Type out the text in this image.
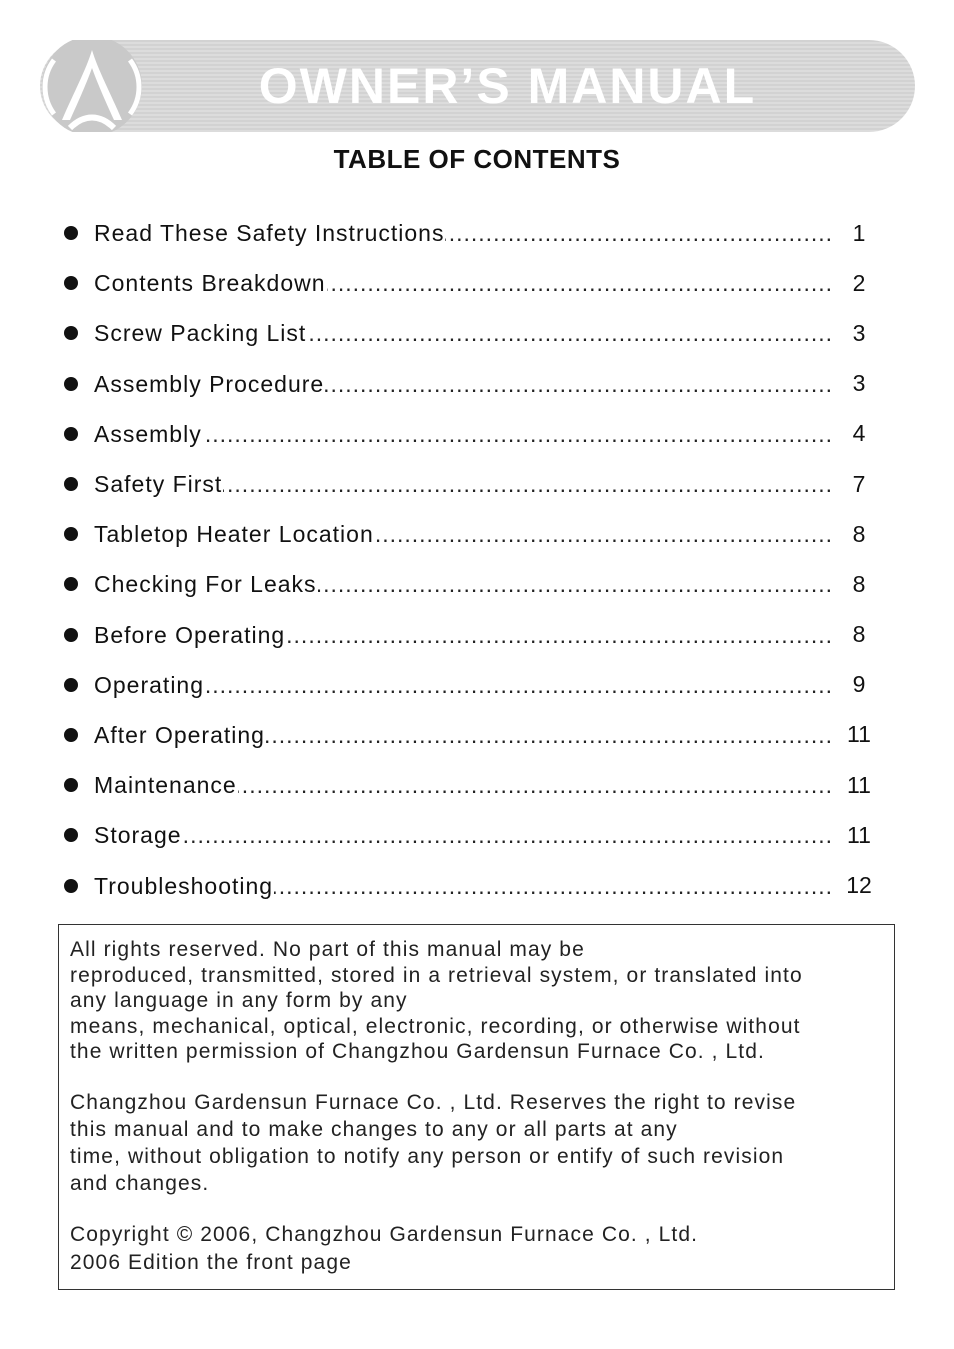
OWNER’S MANUAL
TABLE OF CONTENTS
Read These Safety Instructions .....	1
Contents Breakdown .....	2
Screw Packing List .....	3
Assembly Procedure .....	3
Assembly .....	4
Safety First .....	7
Tabletop Heater Location .....	8
Checking For Leaks .....	8
Before Operating .....	8
Operating .....	9
After Operating .....	11
Maintenance .....	11
Storage .....	11
Troubleshooting .....	12

All rights reserved. No part of this manual may be
reproduced, transmitted, stored in a retrieval system, or translated into
any language in any form by any
means, mechanical, optical, electronic, recording, or otherwise without
the written permission of Changzhou Gardensun Furnace Co. , Ltd.

Changzhou Gardensun Furnace Co. , Ltd. Reserves the right to revise
this manual and to make changes to any or all parts at any
time, without obligation to notify any person or entify of such revision
and changes.

Copyright © 2006, Changzhou Gardensun Furnace Co. , Ltd.
2006 Edition the front page
